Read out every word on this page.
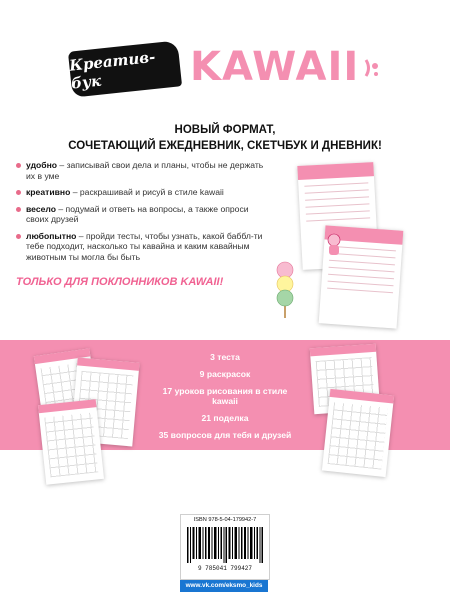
Креатив-бук	KAWAII
НОВЫЙ ФОРМАТ,
СОЧЕТАЮЩИЙ ЕЖЕДНЕВНИК, СКЕТЧБУК И ДНЕВНИК!
удобно – записывай свои дела и планы, чтобы не держать их в уме
креативно – раскрашивай и рисуй в стиле kawaii
весело – подумай и ответь на вопросы, а также опроси своих друзей
любопытно – пройди тесты, чтобы узнать, какой баббл-ти тебе подходит, насколько ты кавайна и каким кавайным животным ты могла бы быть
ТОЛЬКО ДЛЯ ПОКЛОННИКОВ KAWAII!
3 теста
9 раскрасок
17 уроков рисования в стиле kawaii
21 поделка
35 вопросов для тебя и друзей
ISBN 978-5-04-179942-7
9 785041 799427
www.vk.com/eksmo_kids
